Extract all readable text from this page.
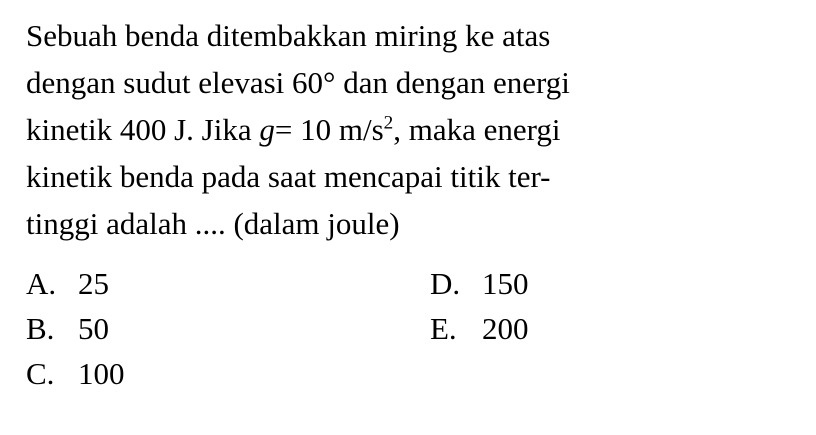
Sebuah benda ditembakkan miring ke atas
dengan sudut elevasi 60° dan dengan energi
kinetik 400 J. Jika g= 10 $m/s^2$, maka energi
kinetik benda pada saat mencapai titik ter-
tinggi adalah .... (dalam joule)
A. 25	D. 150
B. 50	E. 200
C. 100
